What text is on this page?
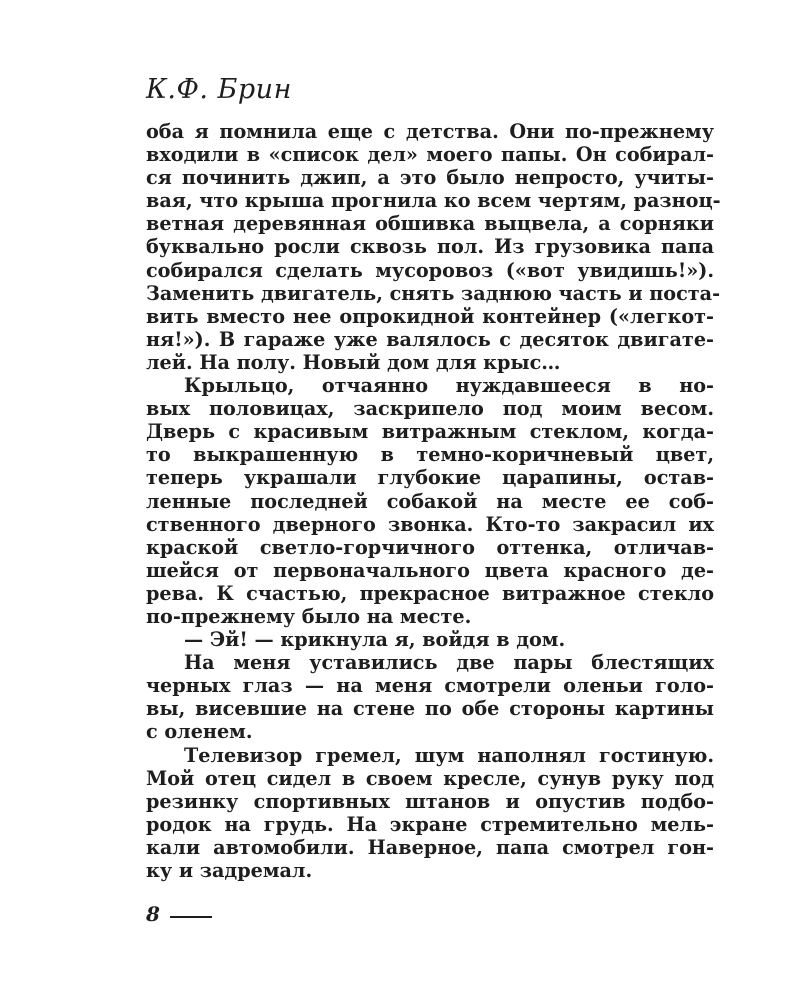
К.Ф. Брин
оба я помнила еще с детства. Они по-прежнему
входили в «список дел» моего папы. Он собирал-
ся починить джип, а это было непросто, учиты-
вая, что крыша прогнила ко всем чертям, разноц-
ветная деревянная обшивка выцвела, а сорняки
буквально росли сквозь пол. Из грузовика папа
собирался сделать мусоровоз («вот увидишь!»).
Заменить двигатель, снять заднюю часть и поста-
вить вместо нее опрокидной контейнер («легкот-
ня!»). В гараже уже валялось с десяток двигате-
лей. На полу. Новый дом для крыс…
Крыльцо, отчаянно нуждавшееся в но-
вых половицах, заскрипело под моим весом.
Дверь с красивым витражным стеклом, когда-
то выкрашенную в темно-коричневый цвет,
теперь украшали глубокие царапины, остав-
ленные последней собакой на месте ее соб-
ственного дверного звонка. Кто-то закрасил их
краской светло-горчичного оттенка, отличав-
шейся от первоначального цвета красного де-
рева. К счастью, прекрасное витражное стекло
по-прежнему было на месте.
— Эй! — крикнула я, войдя в дом.
На меня уставились две пары блестящих
черных глаз — на меня смотрели оленьи голо-
вы, висевшие на стене по обе стороны картины
с оленем.
Телевизор гремел, шум наполнял гостиную.
Мой отец сидел в своем кресле, сунув руку под
резинку спортивных штанов и опустив подбо-
родок на грудь. На экране стремительно мель-
кали автомобили. Наверное, папа смотрел гон-
ку и задремал.
8
